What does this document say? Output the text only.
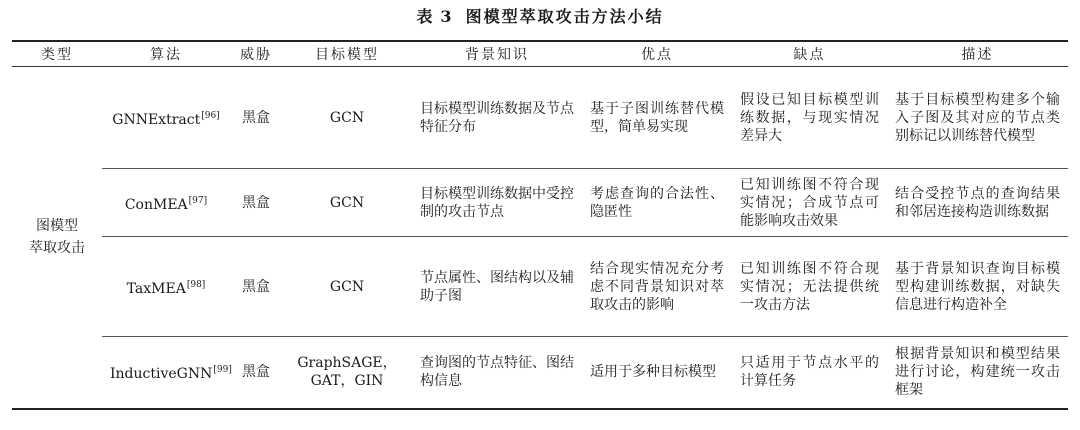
表 3 图模型萃取攻击方法小结
类型	算法	威胁	目标模型	背景知识	优点	缺点	描述
图模型
萃取攻击	GNNExtract[96]	黑盒	GCN	目标模型训练数据及节点特征分布	基于子图训练替代模型，简单易实现	假设已知目标模型训练数据，与现实情况差异大	基于目标模型构建多个输入子图及其对应的节点类别标记以训练替代模型
	ConMEA[97]	黑盒	GCN	目标模型训练数据中受控制的攻击节点	考虑查询的合法性、隐匿性	已知训练图不符合现实情况；合成节点可能影响攻击效果	结合受控节点的查询结果和邻居连接构造训练数据
	TaxMEA[98]	黑盒	GCN	节点属性、图结构以及辅助子图	结合现实情况充分考虑不同背景知识对萃取攻击的影响	已知训练图不符合现实情况；无法提供统一攻击方法	基于背景知识查询目标模型构建训练数据，对缺失信息进行构造补全
	InductiveGNN[99]	黑盒	GraphSAGE，
GAT，GIN	查询图的节点特征、图结构信息	适用于多种目标模型	只适用于节点水平的计算任务	根据背景知识和模型结果进行讨论，构建统一攻击框架
